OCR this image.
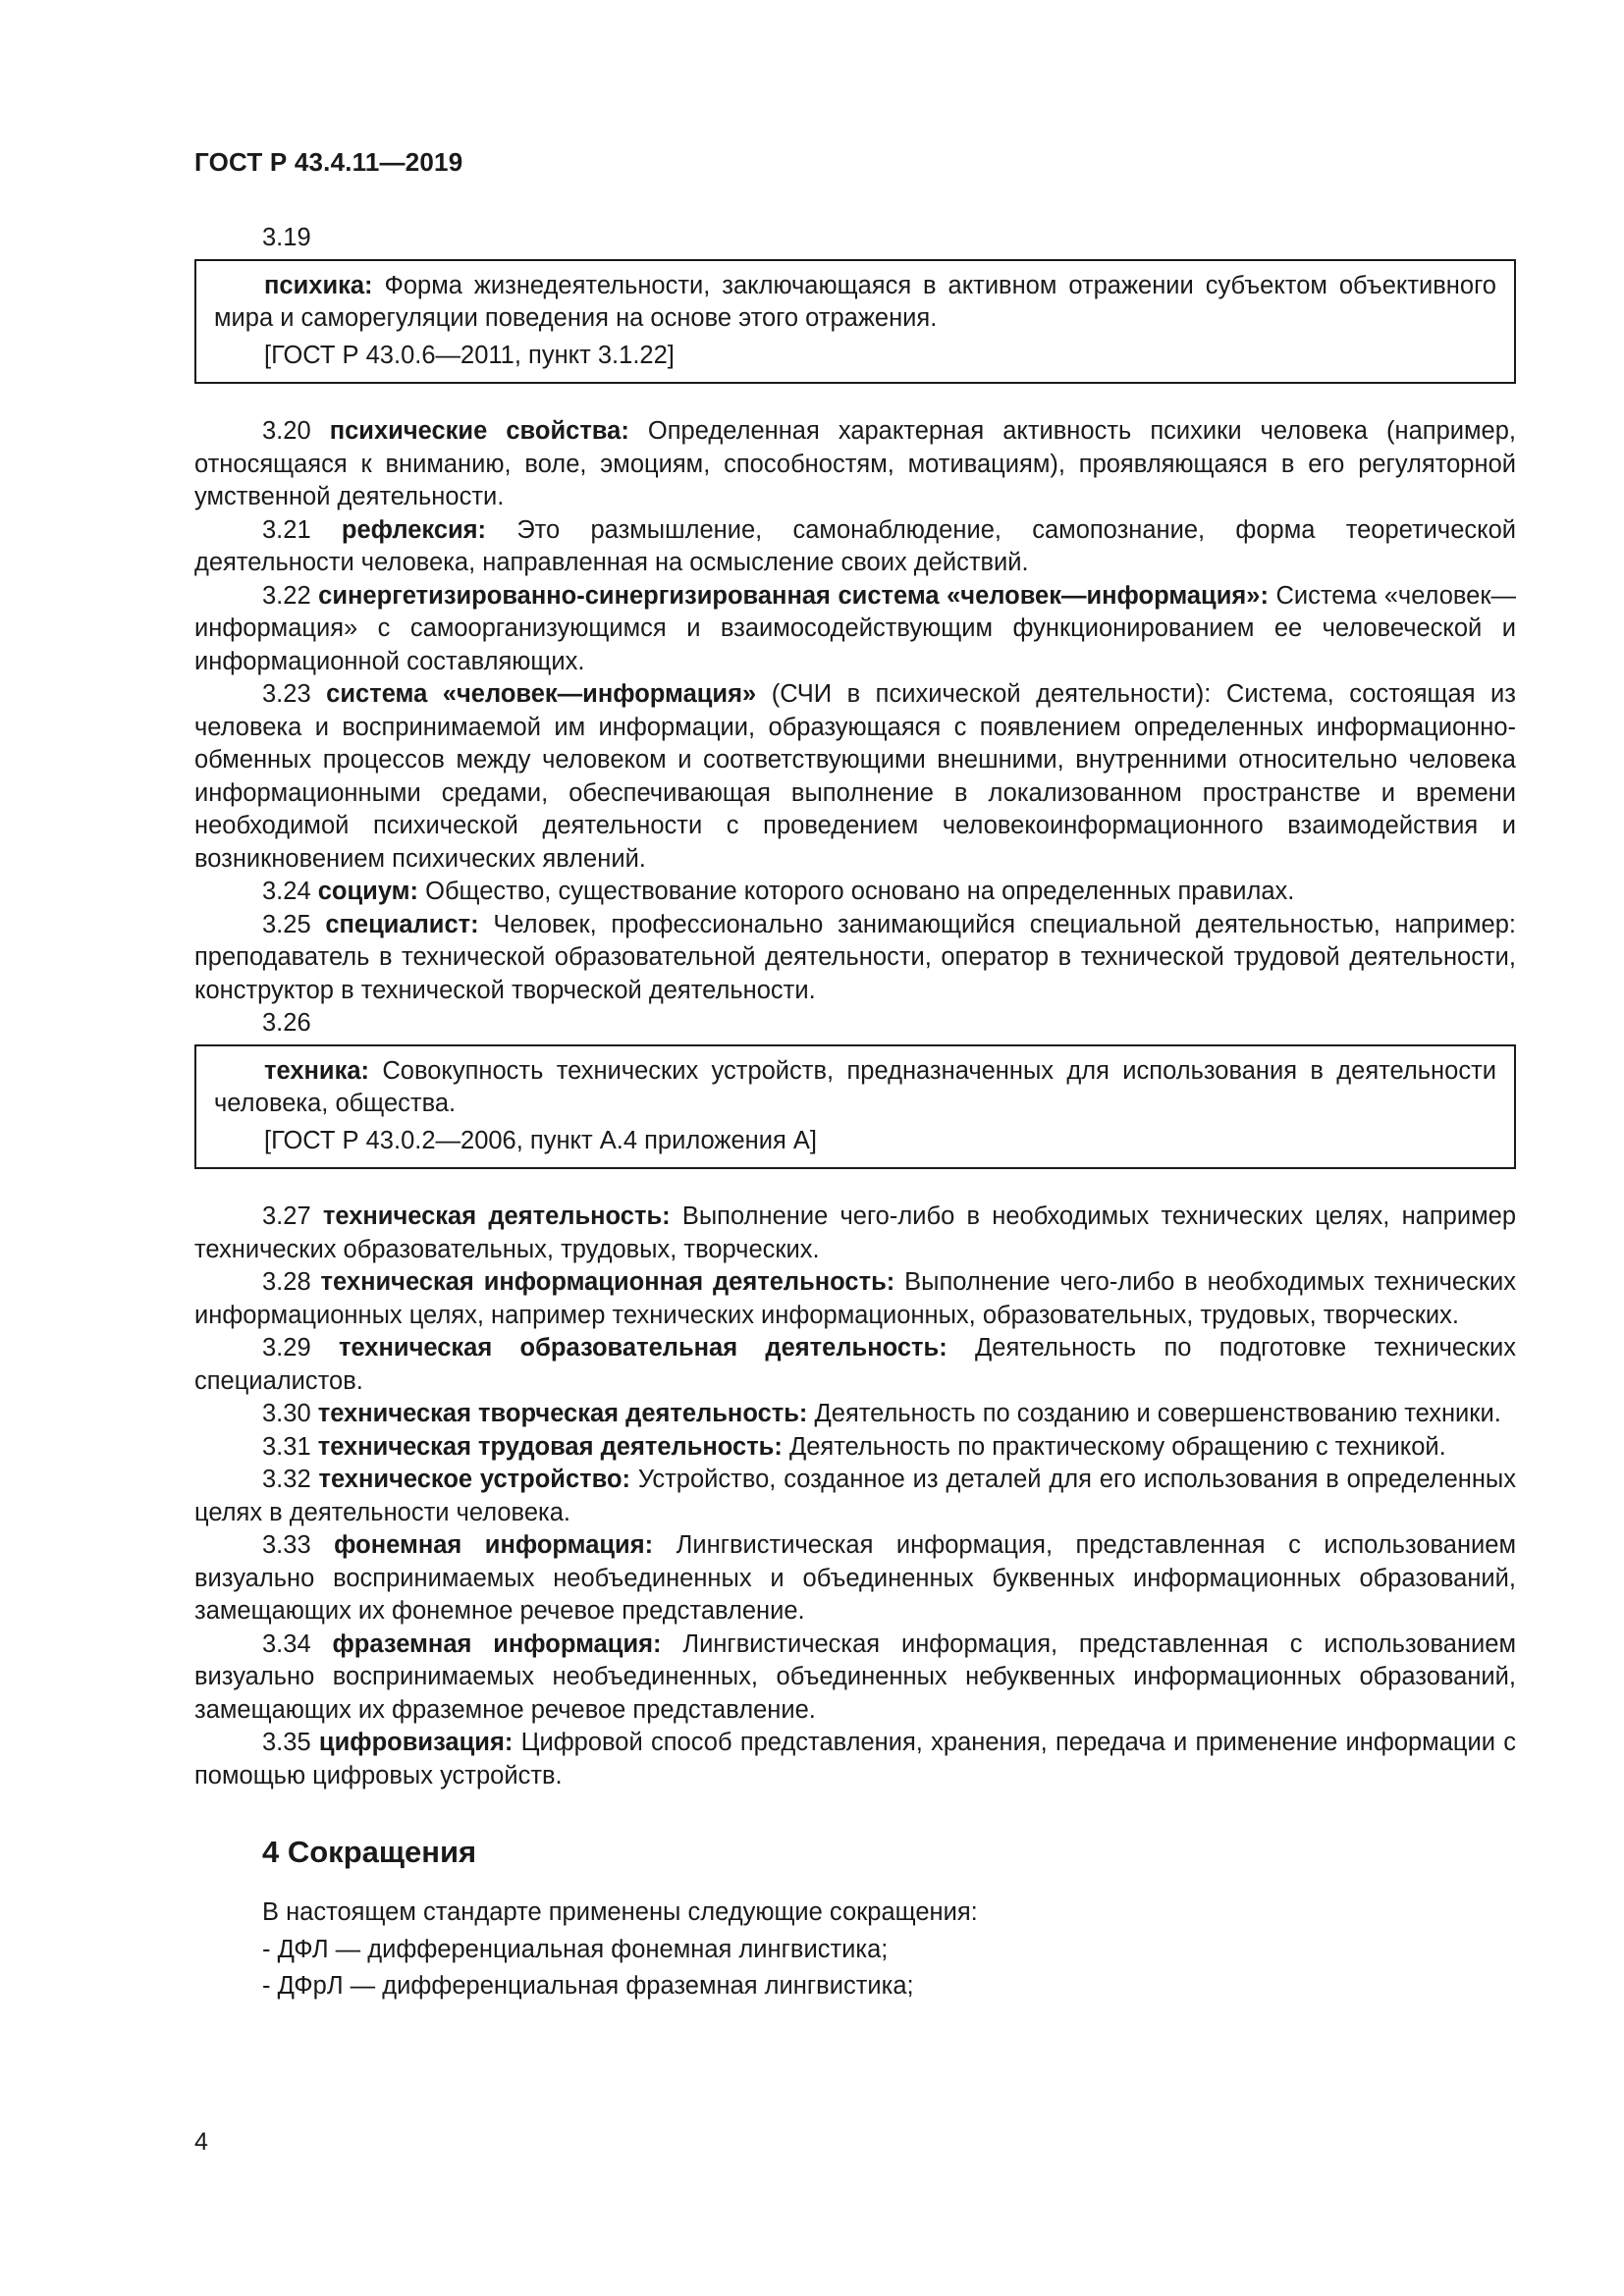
ГОСТ Р 43.4.11—2019
3.19

психика: Форма жизнедеятельности, заключающаяся в активном отражении субъектом объективного мира и саморегуляции поведения на основе этого отражения.

[ГОСТ Р 43.0.6—2011, пункт 3.1.22]

3.20 психические свойства: Определенная характерная активность психики человека (например, относящаяся к вниманию, воле, эмоциям, способностям, мотивациям), проявляющаяся в его регуляторной умственной деятельности.

3.21 рефлексия: Это размышление, самонаблюдение, самопознание, форма теоретической деятельности человека, направленная на осмысление своих действий.

3.22 синергетизированно-синергизированная система «человек—информация»: Система «человек—информация» с самоорганизующимся и взаимосодействующим функционированием ее человеческой и информационной составляющих.

3.23 система «человек—информация» (СЧИ в психической деятельности): Система, состоящая из человека и воспринимаемой им информации, образующаяся с появлением определенных информационно-обменных процессов между человеком и соответствующими внешними, внутренними относительно человека информационными средами, обеспечивающая выполнение в локализованном пространстве и времени необходимой психической деятельности с проведением человекоинформационного взаимодействия и возникновением психических явлений.

3.24 социум: Общество, существование которого основано на определенных правилах.

3.25 специалист: Человек, профессионально занимающийся специальной деятельностью, например: преподаватель в технической образовательной деятельности, оператор в технической трудовой деятельности, конструктор в технической творческой деятельности.

3.26

техника: Совокупность технических устройств, предназначенных для использования в деятельности человека, общества.

[ГОСТ Р 43.0.2—2006, пункт А.4 приложения А]

3.27 техническая деятельность: Выполнение чего-либо в необходимых технических целях, например технических образовательных, трудовых, творческих.

3.28 техническая информационная деятельность: Выполнение чего-либо в необходимых технических информационных целях, например технических информационных, образовательных, трудовых, творческих.

3.29 техническая образовательная деятельность: Деятельность по подготовке технических специалистов.

3.30 техническая творческая деятельность: Деятельность по созданию и совершенствованию техники.

3.31 техническая трудовая деятельность: Деятельность по практическому обращению с техникой.

3.32 техническое устройство: Устройство, созданное из деталей для его использования в определенных целях в деятельности человека.

3.33 фонемная информация: Лингвистическая информация, представленная с использованием визуально воспринимаемых необъединенных и объединенных буквенных информационных образований, замещающих их фонемное речевое представление.

3.34 фраземная информация: Лингвистическая информация, представленная с использованием визуально воспринимаемых необъединенных, объединенных небуквенных информационных образований, замещающих их фраземное речевое представление.

3.35 цифровизация: Цифровой способ представления, хранения, передача и применение информации с помощью цифровых устройств.

4 Сокращения
В настоящем стандарте применены следующие сокращения:
- ДФЛ — дифференциальная фонемная лингвистика;
- ДФрЛ — дифференциальная фраземная лингвистика;
4
